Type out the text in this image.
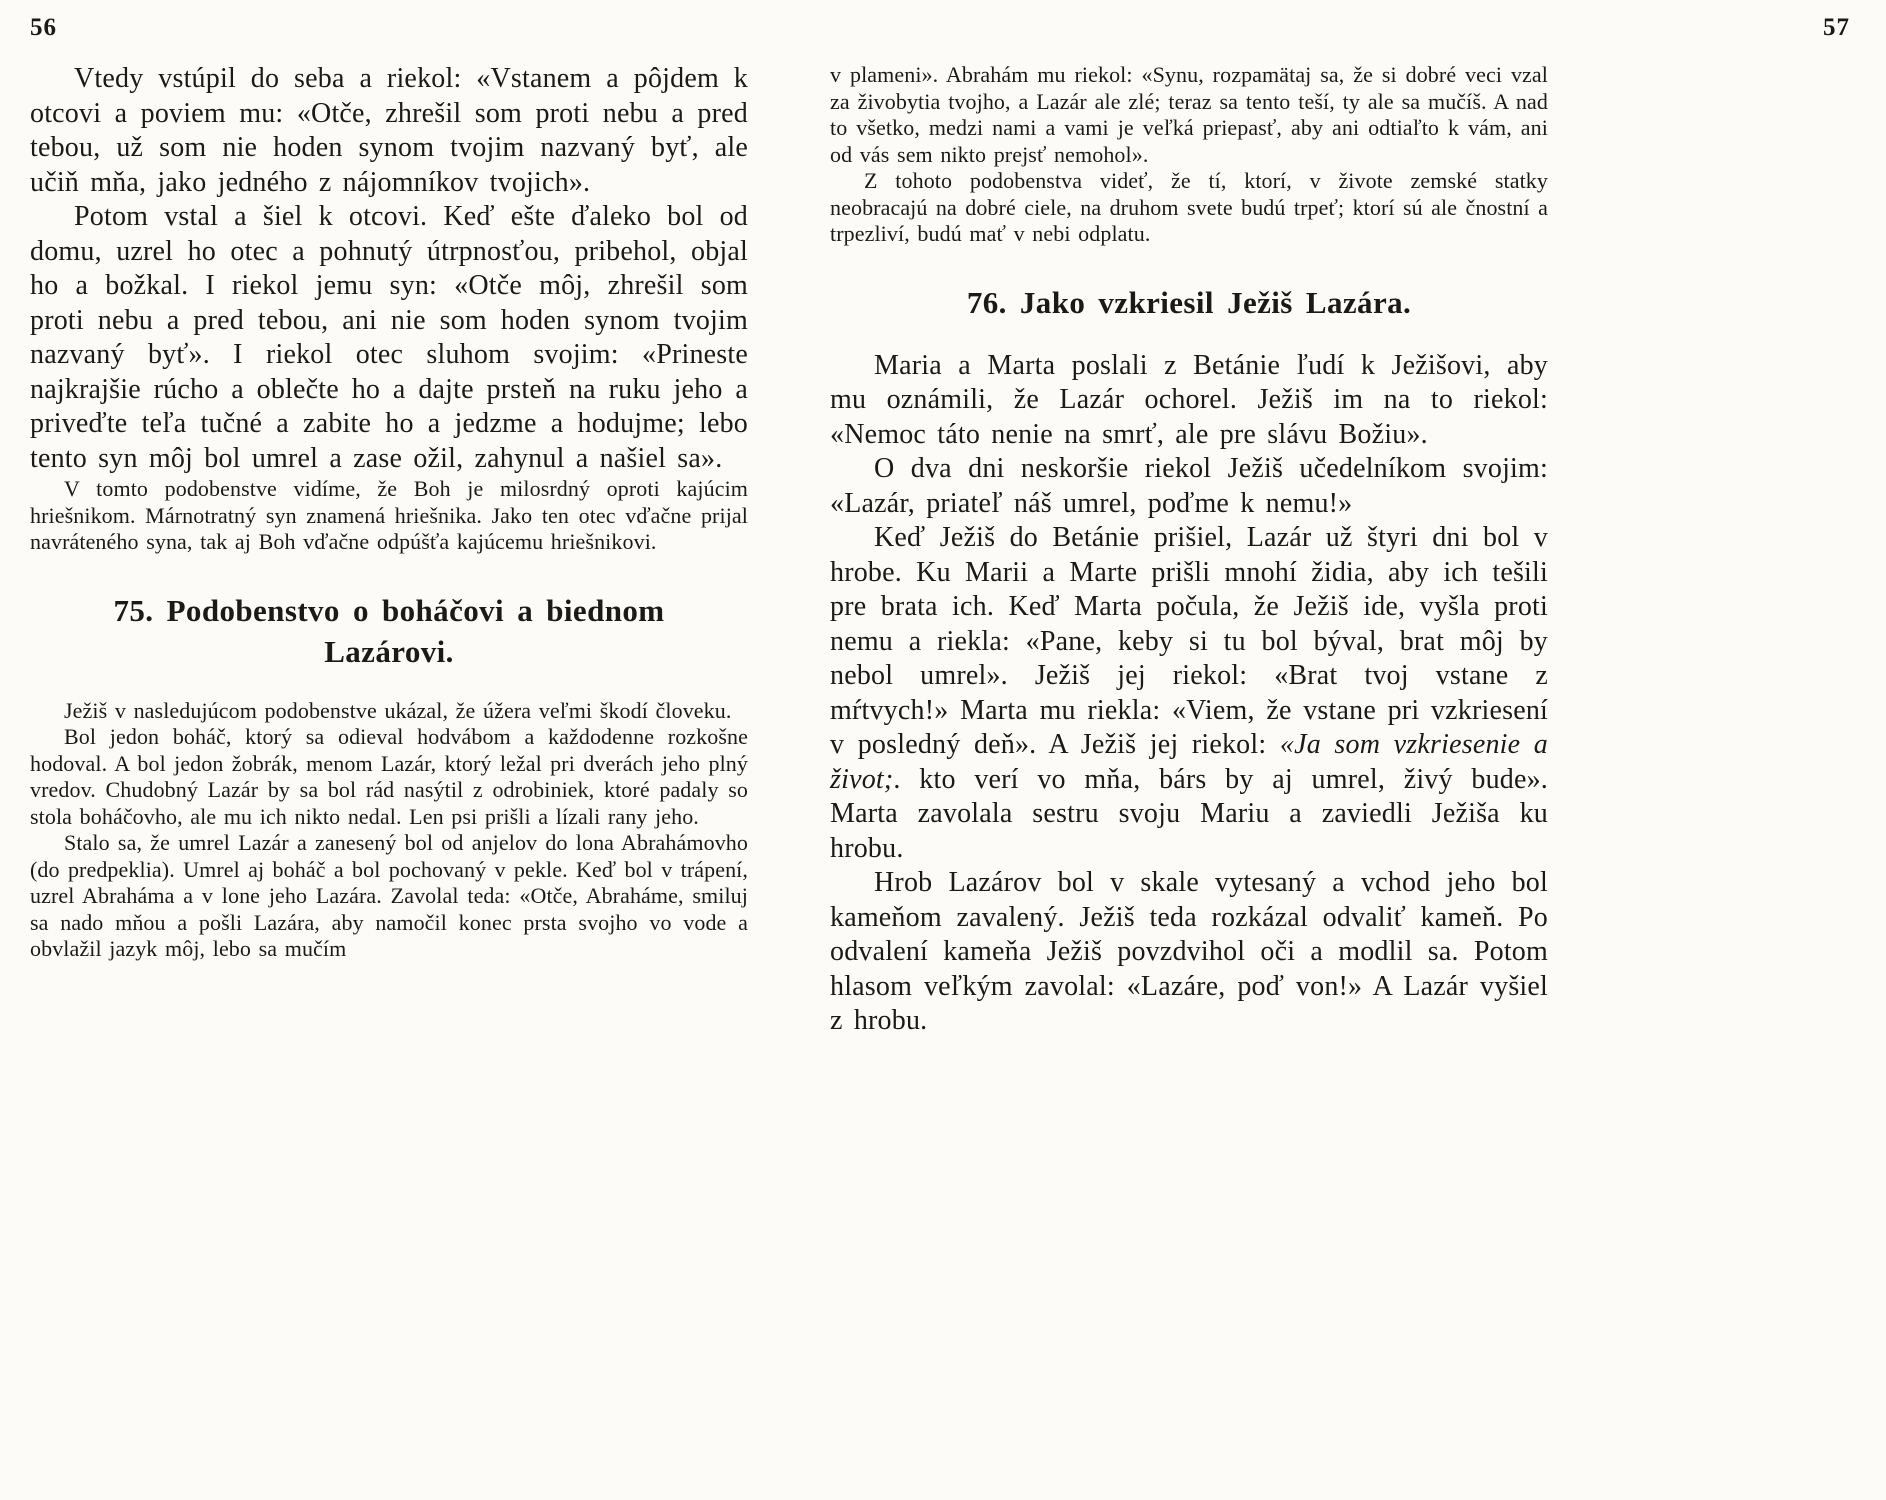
56	57

Vtedy vstúpil do seba a riekol: «Vstanem a pôjdem k otcovi a poviem mu: «Otče, zhrešil som proti nebu a pred tebou, už som nie hoden synom tvojim nazvaný byť, ale učiň mňa, jako jedného z nájomníkov tvojich».

Potom vstal a šiel k otcovi. Keď ešte ďaleko bol od domu, uzrel ho otec a pohnutý útrpnosťou, pribehol, objal ho a božkal. I riekol jemu syn: «Otče môj, zhrešil som proti nebu a pred tebou, ani nie som hoden synom tvojim nazvaný byť». I riekol otec sluhom svojim: «Prineste najkrajšie rúcho a oblečte ho a dajte prsteň na ruku jeho a priveďte teľa tučné a zabite ho a jedzme a hodujme; lebo tento syn môj bol umrel a zase ožil, zahynul a našiel sa».

V tomto podobenstve vidíme, že Boh je milosrdný oproti kajúcim hriešnikom. Márnotratný syn znamená hriešnika. Jako ten otec vďačne prijal navráteného syna, tak aj Boh vďačne odpúšťa kajúcemu hriešnikovi.

75. Podobenstvo o boháčovi a biednom
Lazárovi.

Ježiš v nasledujúcom podobenstve ukázal, že úžera veľmi škodí človeku.

Bol jedon boháč, ktorý sa odieval hodvábom a každodenne rozkošne hodoval. A bol jedon žobrák, menom Lazár, ktorý ležal pri dverách jeho plný vredov. Chudobný Lazár by sa bol rád nasýtil z odrobiniek, ktoré padaly so stola boháčovho, ale mu ich nikto nedal. Len psi prišli a lízali rany jeho.

Stalo sa, že umrel Lazár a zanesený bol od anjelov do lona Abrahámovho (do predpeklia). Umrel aj boháč a bol pochovaný v pekle. Keď bol v trápení, uzrel Abraháma a v lone jeho Lazára. Zavolal teda: «Otče, Abraháme, smiluj sa nado mňou a pošli Lazára, aby namočil konec prsta svojho vo vode a obvlažil jazyk môj, lebo sa mučím

v plameni». Abrahám mu riekol: «Synu, rozpamätaj sa, že si dobré veci vzal za živobytia tvojho, a Lazár ale zlé; teraz sa tento teší, ty ale sa mučíš. A nad to všetko, medzi nami a vami je veľká priepasť, aby ani odtiaľto k vám, ani od vás sem nikto prejsť nemohol».

Z tohoto podobenstva videť, že tí, ktorí, v živote zemské statky neobracajú na dobré ciele, na druhom svete budú trpeť; ktorí sú ale čnostní a trpezliví, budú mať v nebi odplatu.

76. Jako vzkriesil Ježiš Lazára.

Maria a Marta poslali z Betánie ľudí k Ježišovi, aby mu oznámili, že Lazár ochorel. Ježiš im na to riekol: «Nemoc táto nenie na smrť, ale pre slávu Božiu».

O dva dni neskoršie riekol Ježiš učedelníkom svojim: «Lazár, priateľ náš umrel, poďme k nemu!»

Keď Ježiš do Betánie prišiel, Lazár už štyri dni bol v hrobe. Ku Marii a Marte prišli mnohí židia, aby ich tešili pre brata ich. Keď Marta počula, že Ježiš ide, vyšla proti nemu a riekla: «Pane, keby si tu bol býval, brat môj by nebol umrel». Ježiš jej riekol: «Brat tvoj vstane z mŕtvych!» Marta mu riekla: «Viem, že vstane pri vzkriesení v posledný deň». A Ježiš jej riekol: «Ja som vzkriesenie a život;. kto verí vo mňa, bárs by aj umrel, živý bude». Marta zavolala sestru svoju Mariu a zaviedli Ježiša ku hrobu.

Hrob Lazárov bol v skale vytesaný a vchod jeho bol kameňom zavalený. Ježiš teda rozkázal odvaliť kameň. Po odvalení kameňa Ježiš povzdvihol oči a modlil sa. Potom hlasom veľkým zavolal: «Lazáre, poď von!» A Lazár vyšiel z hrobu.
